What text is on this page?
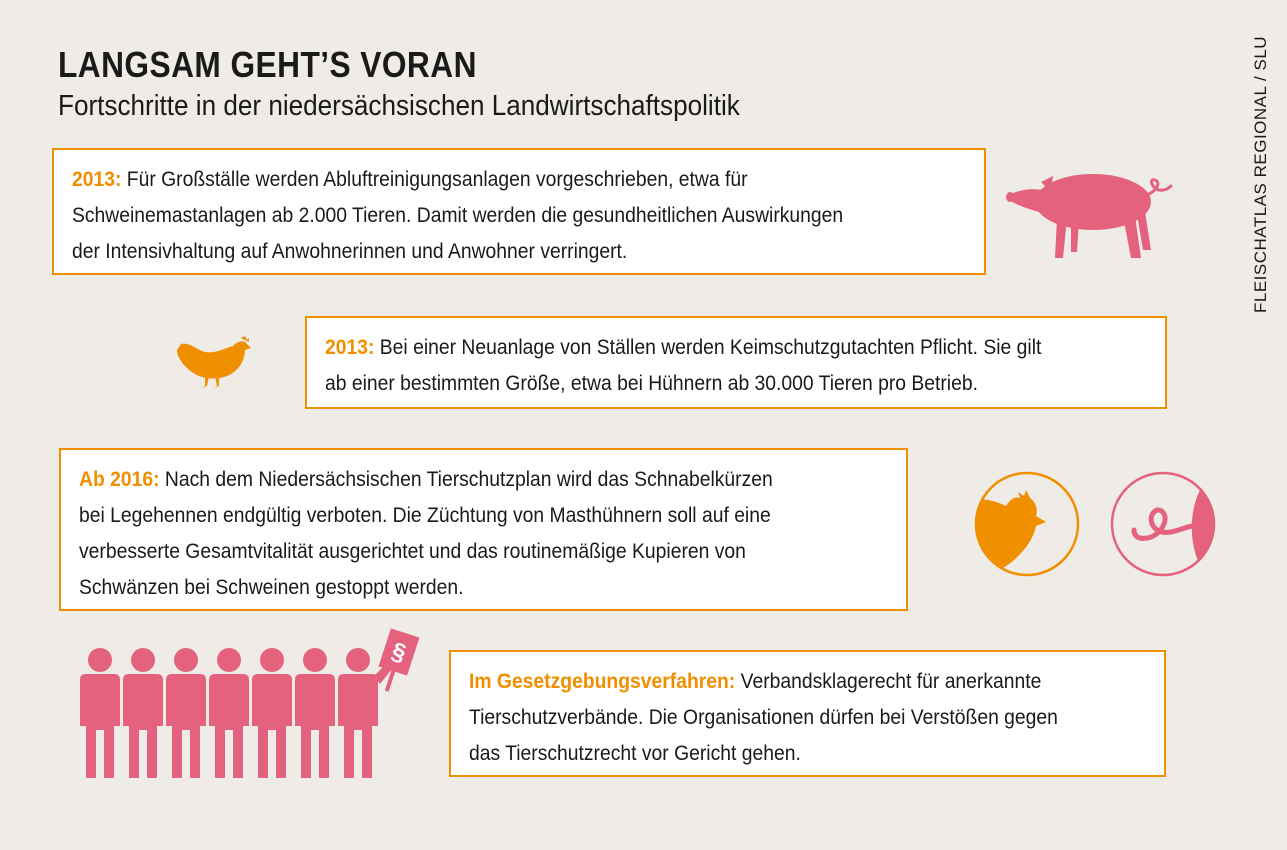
LANGSAM GEHT’S VORAN
Fortschritte in der niedersächsischen Landwirtschaftspolitik	FLEISCHATLAS REGIONAL / SLU
2013: Für Großställe werden Abluftreinigungsanlagen vorgeschrieben, etwa für
Schweinemastanlagen ab 2.000 Tieren. Damit werden die gesundheitlichen Auswirkungen
der Intensivhaltung auf Anwohnerinnen und Anwohner verringert.
2013: Bei einer Neuanlage von Ställen werden Keimschutzgutachten Pflicht. Sie gilt
ab einer bestimmten Größe, etwa bei Hühnern ab 30.000 Tieren pro Betrieb.
Ab 2016: Nach dem Niedersächsischen Tierschutzplan wird das Schnabelkürzen
bei Legehennen endgültig verboten. Die Züchtung von Masthühnern soll auf eine
verbesserte Gesamtvitalität ausgerichtet und das routinemäßige Kupieren von
Schwänzen bei Schweinen gestoppt werden.
Im Gesetzgebungsverfahren: Verbandsklagerecht für anerkannte
Tierschutzverbände. Die Organisationen dürfen bei Verstößen gegen
das Tierschutzrecht vor Gericht gehen.
§
